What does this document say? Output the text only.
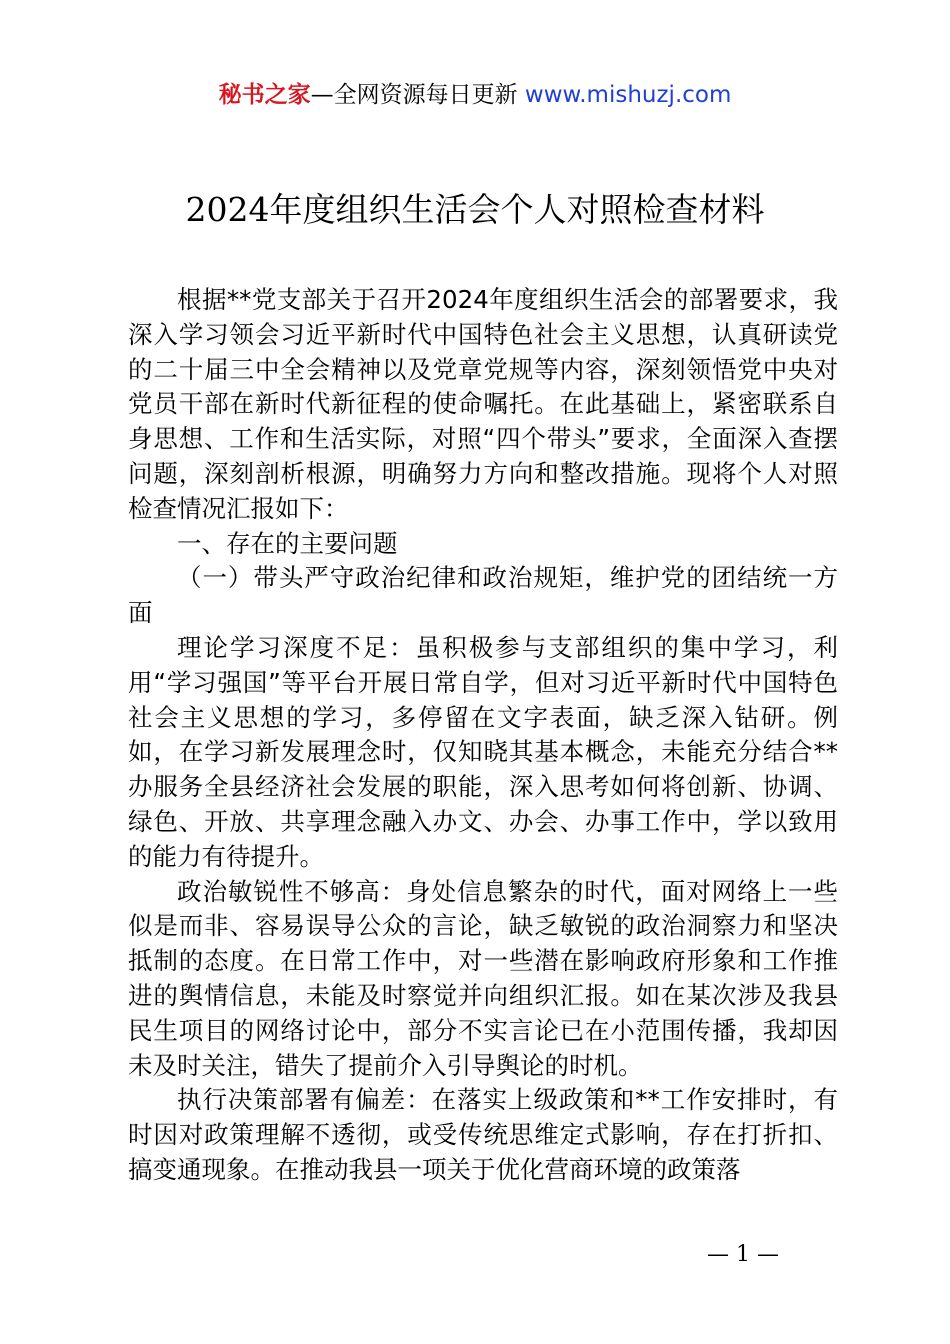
秘书之家—全网资源每日更新 www.mishuzj.com
2024年度组织生活会个人对照检查材料

根据**党支部关于召开2024年度组织生活会的部署要求，我深入学习领会习近平新时代中国特色社会主义思想，认真研读党的二十届三中全会精神以及党章党规等内容，深刻领悟党中央对党员干部在新时代新征程的使命嘱托。在此基础上，紧密联系自身思想、工作和生活实际，对照“四个带头”要求，全面深入查摆问题，深刻剖析根源，明确努力方向和整改措施。现将个人对照检查情况汇报如下：

一、存在的主要问题

（一）带头严守政治纪律和政治规矩，维护党的团结统一方面

理论学习深度不足：虽积极参与支部组织的集中学习，利用“学习强国”等平台开展日常自学，但对习近平新时代中国特色社会主义思想的学习，多停留在文字表面，缺乏深入钻研。例如，在学习新发展理念时，仅知晓其基本概念，未能充分结合**办服务全县经济社会发展的职能，深入思考如何将创新、协调、绿色、开放、共享理念融入办文、办会、办事工作中，学以致用的能力有待提升。

政治敏锐性不够高：身处信息繁杂的时代，面对网络上一些似是而非、容易误导公众的言论，缺乏敏锐的政治洞察力和坚决抵制的态度。在日常工作中，对一些潜在影响政府形象和工作推进的舆情信息，未能及时察觉并向组织汇报。如在某次涉及我县民生项目的网络讨论中，部分不实言论已在小范围传播，我却因未及时关注，错失了提前介入引导舆论的时机。

执行决策部署有偏差：在落实上级政策和**工作安排时，有时因对政策理解不透彻，或受传统思维定式影响，存在打折扣、搞变通现象。在推动我县一项关于优化营商环境的政策落

— 1 —
